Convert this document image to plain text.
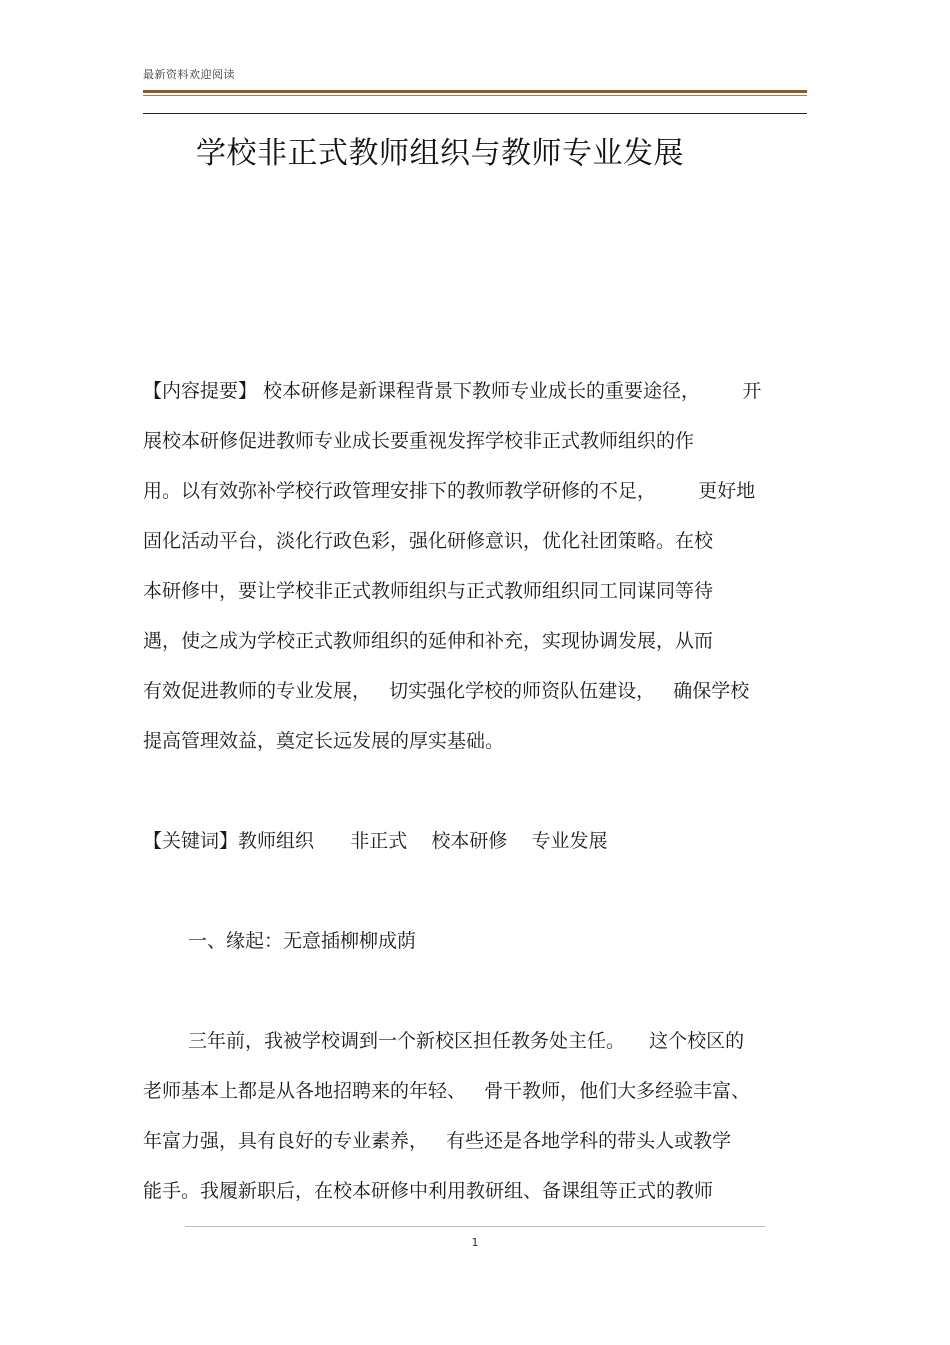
最新资料欢迎阅读
学校非正式教师组织与教师专业发展
【内容提要】 校本研修是新课程背景下教师专业成长的重要途径，       开
展校本研修促进教师专业成长要重视发挥学校非正式教师组织的作
用。以有效弥补学校行政管理安排下的教师教学研修的不足，       更好地
固化活动平台，淡化行政色彩，强化研修意识，优化社团策略。在校
本研修中，要让学校非正式教师组织与正式教师组织同工同谋同等待
遇，使之成为学校正式教师组织的延伸和补充，实现协调发展，从而
有效促进教师的专业发展，   切实强化学校的师资队伍建设，   确保学校
提高管理效益，奠定长远发展的厚实基础。
【关键词】教师组织      非正式    校本研修    专业发展
一、缘起：无意插柳柳成荫
三年前，我被学校调到一个新校区担任教务处主任。    这个校区的
老师基本上都是从各地招聘来的年轻、   骨干教师，他们大多经验丰富、
年富力强，具有良好的专业素养，   有些还是各地学科的带头人或教学
能手。我履新职后，在校本研修中利用教研组、备课组等正式的教师
1
